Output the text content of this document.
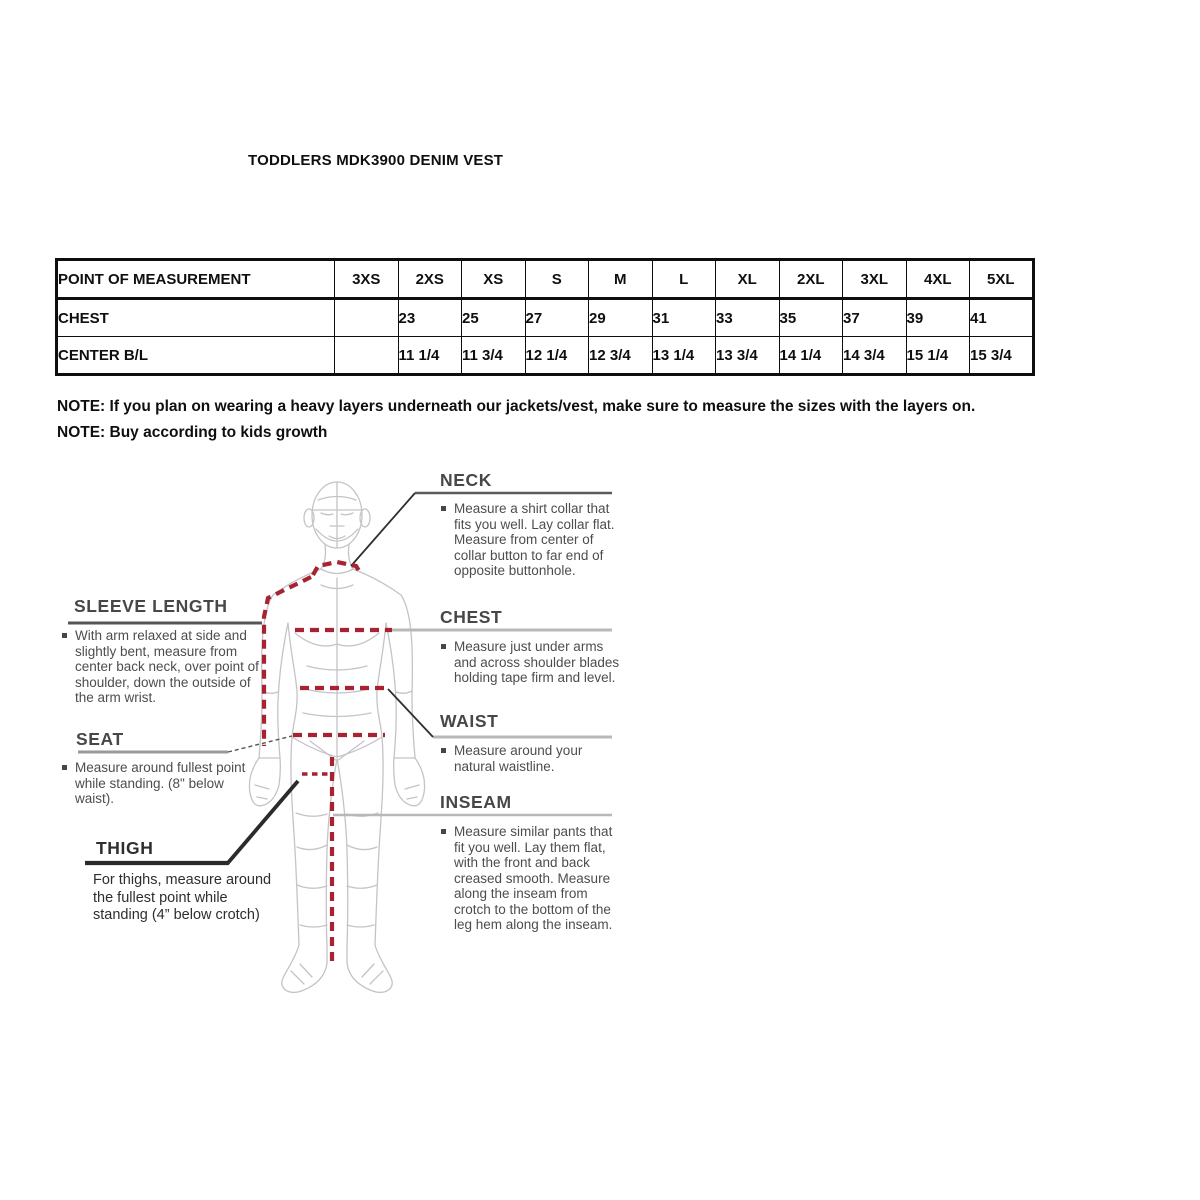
TODDLERS MDK3900 DENIM VEST
POINT OF MEASUREMENT	3XS	2XS	XS	S	M	L	XL	2XL	3XL	4XL	5XL
CHEST		23	25	27	29	31	33	35	37	39	41
CENTER B/L		11 1/4	11 3/4	12 1/4	12 3/4	13 1/4	13 3/4	14 1/4	14 3/4	15 1/4	15 3/4
NOTE: If you plan on wearing a heavy layers underneath our jackets/vest, make sure to measure the sizes with the layers on.
NOTE: Buy according to kids growth
NECK

Measure a shirt collar that fits you well. Lay collar flat. Measure from center of collar button to far end of opposite buttonhole.

CHEST

Measure just under arms and across shoulder blades holding tape firm and level.

WAIST

Measure around your natural waistline.

INSEAM

Measure similar pants that fit you well. Lay them flat, with the front and back creased smooth. Measure along the inseam from crotch to the bottom of the leg hem along the inseam.

SLEEVE LENGTH

With arm relaxed at side and slightly bent, measure from center back neck, over point of shoulder, down the outside of the arm wrist.

SEAT

Measure around fullest point while standing. (8" below waist).

THIGH

For thighs, measure around the fullest point while standing (4” below crotch)
